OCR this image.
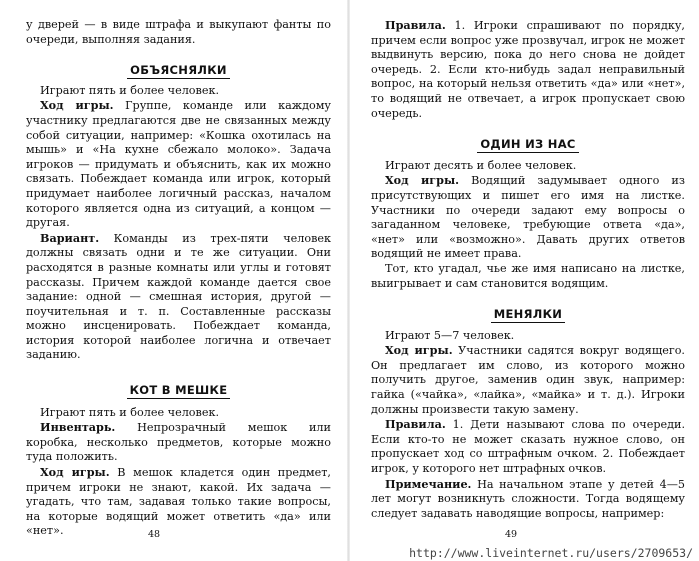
у дверей — в виде штрафа и выкупают фанты по очереди, выполняя задания.

ОБЪЯСНЯЛКИ

Играют пять и более человек.

Ход игры. Группе, команде или каждому участнику предлагаются две не связанных между собой ситуации, например: «Кошка охотилась на мышь» и «На кухне сбежало молоко». Задача игроков — придумать и объяснить, как их можно связать. Побеждает команда или игрок, который придумает наиболее логичный рассказ, началом которого является одна из ситуаций, а концом — другая.

Вариант. Команды из трех-пяти человек должны связать одни и те же ситуации. Они расходятся в разные комнаты или углы и готовят рассказы. Причем каждой команде дается свое задание: одной — смешная история, другой — поучительная и т. п. Составленные рассказы можно инсценировать. Побеждает команда, история которой наиболее логична и отвечает заданию.

КОТ В МЕШКЕ

Играют пять и более человек.

Инвентарь. Непрозрачный мешок или коробка, несколько предметов, которые можно туда положить.

Ход игры. В мешок кладется один предмет, причем игроки не знают, какой. Их задача — угадать, что там, задавая только такие вопросы, на которые водящий может ответить «да» или «нет».	48

Правила. 1. Игроки спрашивают по порядку, причем если вопрос уже прозвучал, игрок не может выдвинуть версию, пока до него снова не дойдет очередь. 2. Если кто-нибудь задал неправильный вопрос, на который нельзя ответить «да» или «нет», то водящий не отвечает, а игрок пропускает свою очередь.

ОДИН ИЗ НАС

Играют десять и более человек.

Ход игры. Водящий задумывает одного из присутствующих и пишет его имя на листке. Участники по очереди задают ему вопросы о загаданном человеке, требующие ответа «да», «нет» или «возможно». Давать других ответов водящий не имеет права.

Тот, кто угадал, чье же имя написано на листке, выигрывает и сам становится водящим.

МЕНЯЛКИ

Играют 5—7 человек.

Ход игры. Участники садятся вокруг водящего. Он предлагает им слово, из которого можно получить другое, заменив один звук, например: гайка («чайка», «лайка», «майка» и т. д.). Игроки должны произвести такую замену.

Правила. 1. Дети называют слова по очереди. Если кто-то не может сказать нужное слово, он пропускает ход со штрафным очком. 2. Побеждает игрок, у которого нет штрафных очков.

Примечание. На начальном этапе у детей 4—5 лет могут возникнуть сложности. Тогда водящему следует задавать наводящие вопросы, например:

49
http://www.liveinternet.ru/users/2709653/
